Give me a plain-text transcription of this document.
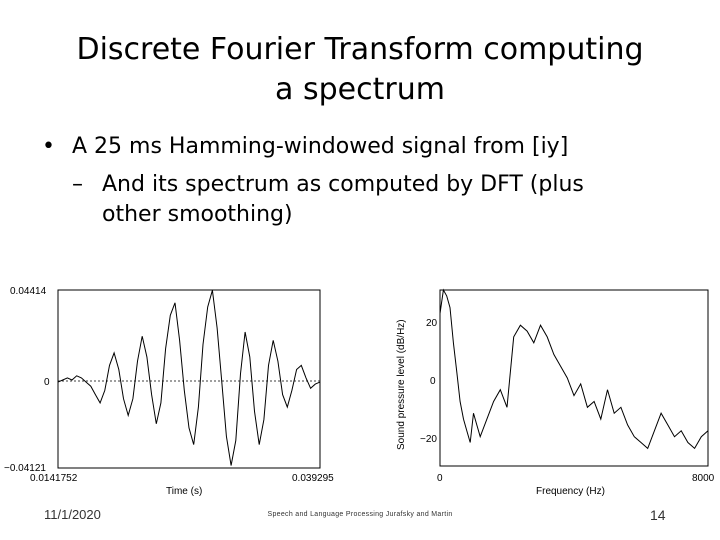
Discrete Fourier Transform computing
a spectrum
• A 25 ms Hamming-windowed signal from [iy]
– And its spectrum as computed by DFT (plus
other smoothing)
0.04414
0
−0.04121
0.0141752	0.039295
Time (s)
Sound pressure level (dB/Hz) 20
0
−20
0	8000
Frequency (Hz)
11/1/2020	Speech and Language Processing Jurafsky and Martin	14
